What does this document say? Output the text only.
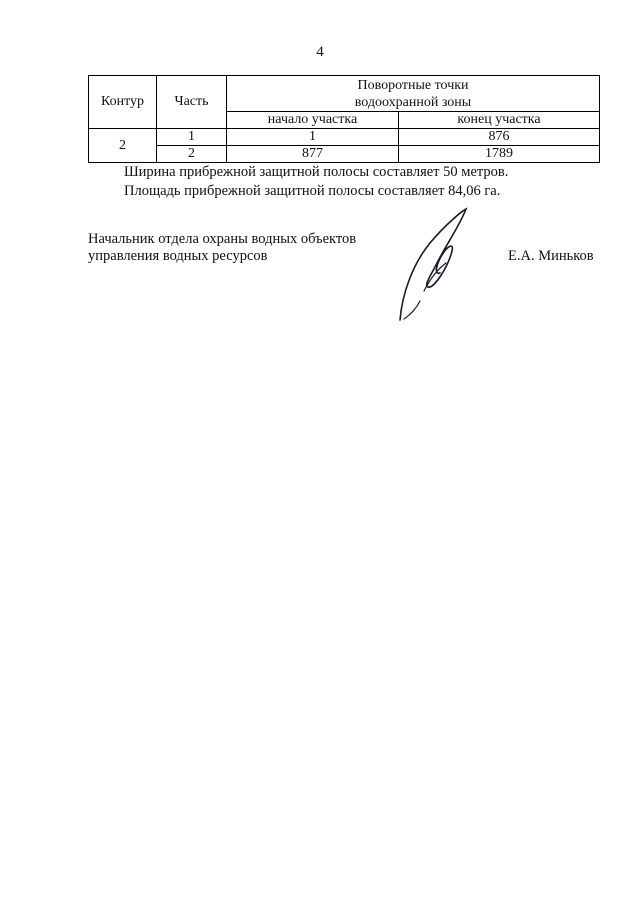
4
Контур	Часть	Поворотные точки
водоохранной зоны	

		начало участка	конец участка
2	1	1	876
	2	877	1789
Ширина прибрежной защитной полосы составляет 50 метров.
Площадь прибрежной защитной полосы составляет 84,06 га.
Начальник отдела охраны водных объектов
управления водных ресурсов	Е.А. Миньков
